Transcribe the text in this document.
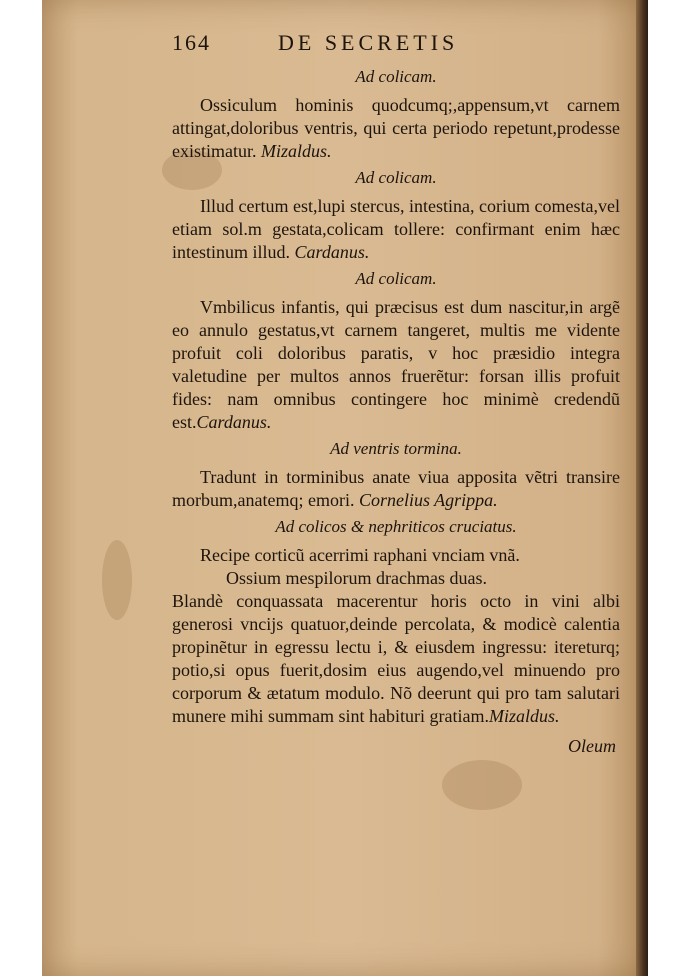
164	DE SECRETIS
Ad colicam.

Ossiculum hominis quodcumq;,appensum,vt carnem attingat,doloribus ventris, qui certa periodo repetunt,prodesse existimatur. Mizaldus.

Ad colicam.

Illud certum est,lupi stercus, intestina, corium comesta,vel etiam sol.m gestata,colicam tollere: confirmant enim hæc intestinum illud. Cardanus.

Ad colicam.

Vmbilicus infantis, qui præcisus est dum nascitur,in argẽ eo annulo gestatus,vt carnem tangeret, multis me vidente profuit coli doloribus paratis, v hoc præsidio integra valetudine per multos annos fruerẽtur: forsan illis profuit fides: nam omnibus contingere hoc minimè credendũ est.Cardanus.

Ad ventris tormina.

Tradunt in torminibus anate viua apposita vẽtri transire morbum,anatemq; emori. Cornelius Agrippa.

Ad colicos & nephriticos cruciatus.
Recipe corticũ acerrimi raphani vnciam vnã.
Ossium mespilorum drachmas duas.

Blandè conquassata macerentur horis octo in vini albi generosi vncijs quatuor,deinde percolata, & modicè calentia propinẽtur in egressu lectu i, & eiusdem ingressu: itereturq; potio,si opus fuerit,dosim eius augendo,vel minuendo pro corporum & ætatum modulo. Nõ deerunt qui pro tam salutari munere mihi summam sint habituri gratiam.Mizaldus.

Oleum
